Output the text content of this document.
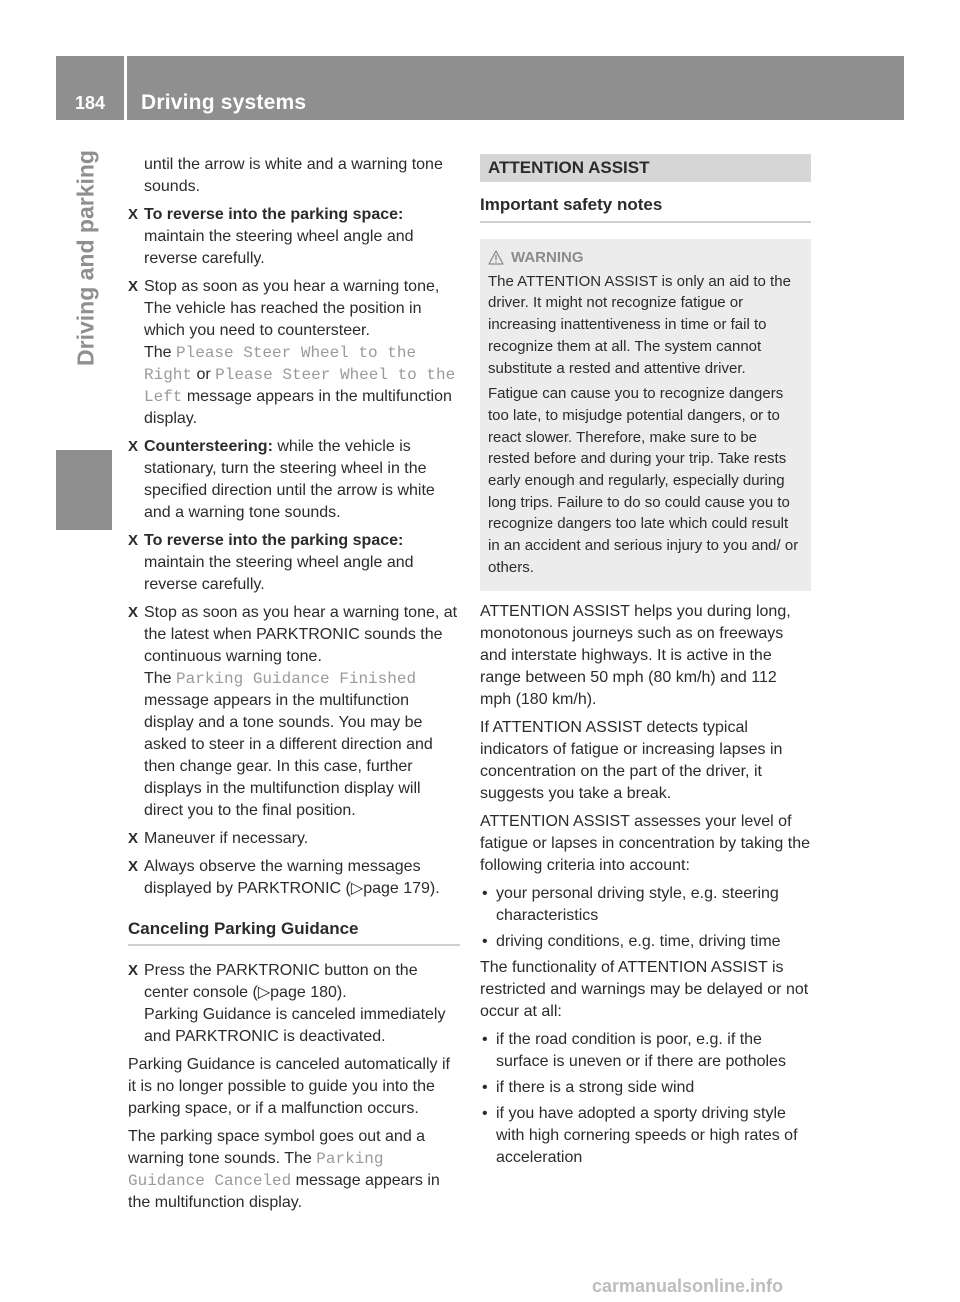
184	Driving systems
Driving and parking	until the arrow is white and a warning tone sounds.

X To reverse into the parking space: maintain the steering wheel angle and reverse carefully.
X Stop as soon as you hear a warning tone, The vehicle has reached the position in which you need to countersteer.
The Please Steer Wheel to the Right or Please Steer Wheel to the Left message appears in the multifunction display.
X Countersteering: while the vehicle is stationary, turn the steering wheel in the specified direction until the arrow is white and a warning tone sounds.
X To reverse into the parking space: maintain the steering wheel angle and reverse carefully.
X Stop as soon as you hear a warning tone, at the latest when PARKTRONIC sounds the continuous warning tone.
The Parking Guidance Finished message appears in the multifunction display and a tone sounds. You may be asked to steer in a different direction and then change gear. In this case, further displays in the multifunction display will direct you to the final position.
X Maneuver if necessary.
X Always observe the warning messages displayed by PARKTRONIC (▷page 179).
Canceling Parking Guidance
X Press the PARKTRONIC button on the center console (▷page 180).
Parking Guidance is canceled immediately and PARKTRONIC is deactivated.

Parking Guidance is canceled automatically if it is no longer possible to guide you into the parking space, or if a malfunction occurs.

The parking space symbol goes out and a warning tone sounds. The Parking Guidance Canceled message appears in the multifunction display.

ATTENTION ASSIST
Important safety notes
WARNING

The ATTENTION ASSIST is only an aid to the driver. It might not recognize fatigue or increasing inattentiveness in time or fail to recognize them at all. The system cannot substitute a rested and attentive driver.

Fatigue can cause you to recognize dangers too late, to misjudge potential dangers, or to react slower. Therefore, make sure to be rested before and during your trip. Take rests early enough and regularly, especially during long trips. Failure to do so could cause you to recognize dangers too late which could result in an accident and serious injury to you and/ or others.

ATTENTION ASSIST helps you during long, monotonous journeys such as on freeways and interstate highways. It is active in the range between 50 mph (80 km/h) and 112 mph (180 km/h).

If ATTENTION ASSIST detects typical indicators of fatigue or increasing lapses in concentration on the part of the driver, it suggests you take a break.

ATTENTION ASSIST assesses your level of fatigue or lapses in concentration by taking the following criteria into account:

• your personal driving style, e.g. steering characteristics
• driving conditions, e.g. time, driving time

The functionality of ATTENTION ASSIST is restricted and warnings may be delayed or not occur at all:

• if the road condition is poor, e.g. if the surface is uneven or if there are potholes
• if there is a strong side wind
• if you have adopted a sporty driving style with high cornering speeds or high rates of acceleration
carmanualsonline.info
